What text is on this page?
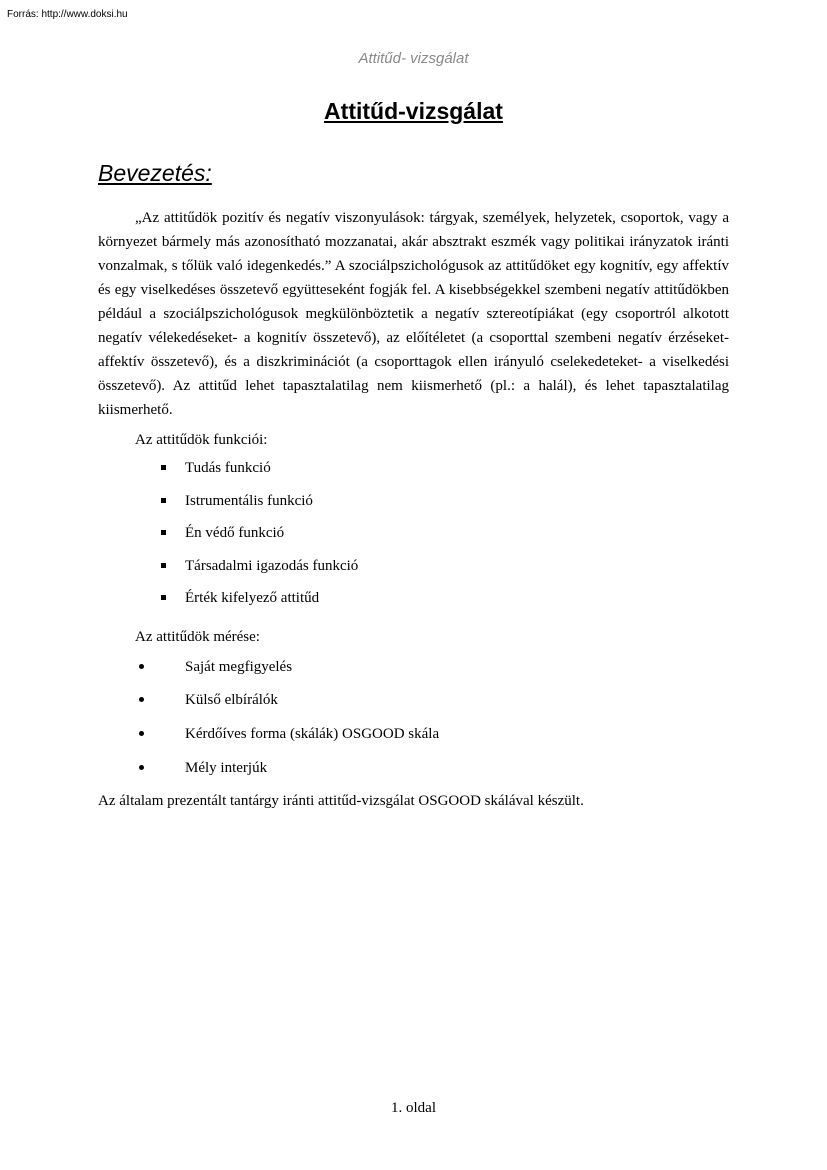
Forrás: http://www.doksi.hu
Attitűd- vizsgálat
Attitűd-vizsgálat
Bevezetés:

„Az attitűdök pozitív és negatív viszonyulások: tárgyak, személyek, helyzetek, csoportok, vagy a környezet bármely más azonosítható mozzanatai, akár absztrakt eszmék vagy politikai irányzatok iránti vonzalmak, s tőlük való idegenkedés.” A szociálpszichológusok az attitűdöket egy kognitív, egy affektív és egy viselkedéses összetevő együtteseként fogják fel. A kisebbségekkel szembeni negatív attitűdökben például a szociálpszichológusok megkülönböztetik a negatív sztereotípiákat (egy csoportról alkotott negatív vélekedéseket- a kognitív összetevő), az előítéletet (a csoporttal szembeni negatív érzéseket- affektív összetevő), és a diszkriminációt (a csoporttagok ellen irányuló cselekedeteket- a viselkedési összetevő). Az attitűd lehet tapasztalatilag nem kiismerhető (pl.: a halál), és lehet tapasztalatilag kiismerhető.

Az attitűdök funkciói:

Tudás funkció
Istrumentális funkció
Én védő funkció
Társadalmi igazodás funkció
Érték kifelyező attitűd

Az attitűdök mérése:

Saját megfigyelés
Külső elbírálók
Kérdőíves forma (skálák) OSGOOD skála
Mély interjúk

Az általam prezentált tantárgy iránti attitűd-vizsgálat OSGOOD skálával készült.

1. oldal
